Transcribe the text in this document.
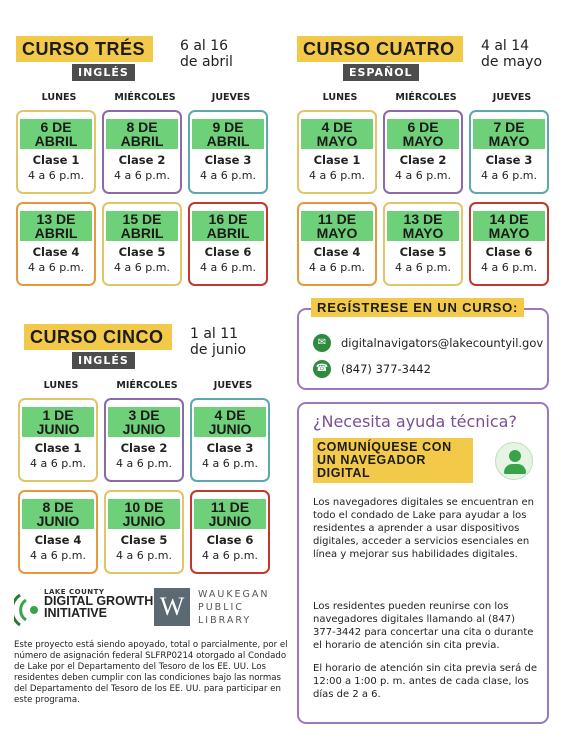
CURSO TRÉS
INGLÉS
6 al 16
de abril
LUNES	MIÉRCOLES	JUEVES
6 DE ABRIL
Clase 1
4 a 6 p.m.
8 DE ABRIL
Clase 2
4 a 6 p.m.
9 DE ABRIL
Clase 3
4 a 6 p.m.
13 DE ABRIL
Clase 4
4 a 6 p.m.
15 DE ABRIL
Clase 5
4 a 6 p.m.
16 DE ABRIL
Clase 6
4 a 6 p.m.
CURSO CUATRO
ESPAÑOL
4 al 14
de mayo
LUNES	MIÉRCOLES	JUEVES
4 DE MAYO
Clase 1
4 a 6 p.m.
6 DE MAYO
Clase 2
4 a 6 p.m.
7 DE MAYO
Clase 3
4 a 6 p.m.
11 DE MAYO
Clase 4
4 a 6 p.m.
13 DE MAYO
Clase 5
4 a 6 p.m.
14 DE MAYO
Clase 6
4 a 6 p.m.
CURSO CINCO
INGLÉS
1 al 11
de junio
LUNES	MIÉRCOLES	JUEVES
1 DE JUNIO
Clase 1
4 a 6 p.m.
3 DE JUNIO
Clase 2
4 a 6 p.m.
4 DE JUNIO
Clase 3
4 a 6 p.m.
8 DE JUNIO
Clase 4
4 a 6 p.m.
10 DE JUNIO
Clase 5
4 a 6 p.m.
11 DE JUNIO
Clase 6
4 a 6 p.m.
REGÍSTRESE EN UN CURSO:
✉	digitalnavigators@lakecountyil.gov
☎ (847) 377-3442
¿Necesita ayuda técnica?
COMUNÍQUESE CON UN NAVEGADOR DIGITAL
Los navegadores digitales se encuentran en todo el condado de Lake para ayudar a los residentes a aprender a usar dispositivos digitales, acceder a servicios esenciales en línea y mejorar sus habilidades digitales.
Los residentes pueden reunirse con los navegadores digitales llamando al (847) 377-3442 para concertar una cita o durante el horario de atención sin cita previa.
El horario de atención sin cita previa será de 12:00 a 1:00 p. m. antes de cada clase, los días de 2 a 6.
LAKE COUNTY
DIGITAL GROWTH INITIATIVE	W	WAUKEGAN PUBLIC LIBRARY
Este proyecto está siendo apoyado, total o parcialmente, por el número de asignación federal SLFRP0214 otorgado al Condado de Lake por el Departamento del Tesoro de los EE. UU. Los residentes deben cumplir con las condiciones bajo las normas del Departamento del Tesoro de los EE. UU. para participar en este programa.
